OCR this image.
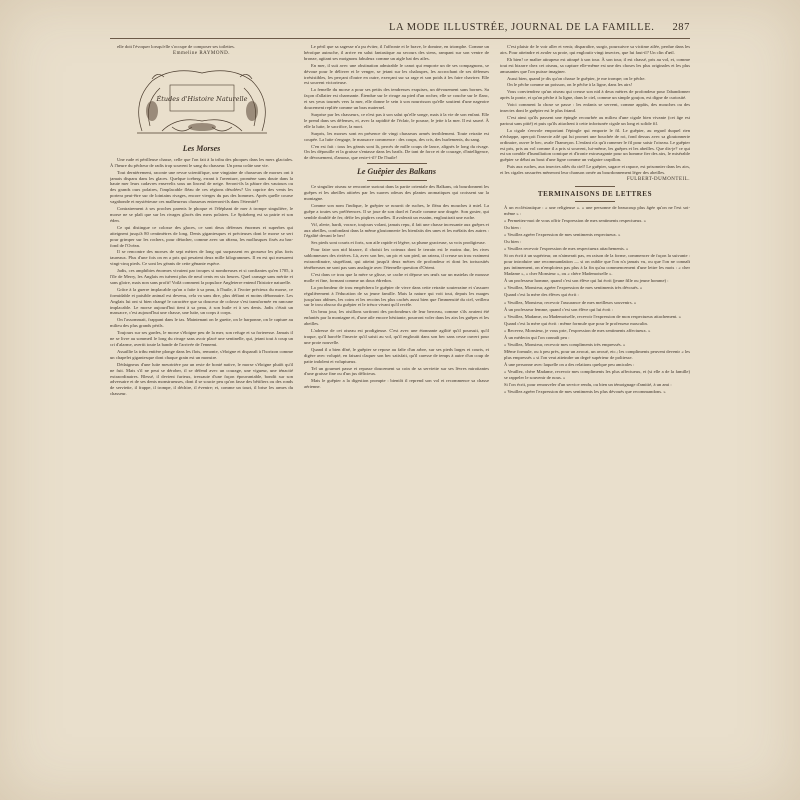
LA MODE ILLUSTRÉE, JOURNAL DE LA FAMILLE. 287

elle doit l'évoquer lorsqu'elle s'occupe de composer ses toilettes.

Emmeline RAYMOND.
Études d'Histoire Naturelle
Les Morses

Une rude et périlleuse chasse, celle que l'on fait à la tribu des phoques dans les mers glaciales. À l'heure du pêcheur de radis trop souvent le sang du chasseur. Un peau coûte une vie.

Tout dernièrement, raconte une revue scientifique, une vingtaine de chasseurs de morses ont à jamais disparu dans les glaces. Quelque iceberg, errant à l'aventure, promène sans doute dans la haute mer leurs cadavres ensevelis sous un linceul de neige. Seront-ils la pâture des vautours ou des grands ours polaires, l'implacable fléau de ces régions désolées? Un caprice des vents les portera peut-être sur de lointains rivages, encore vierges du pas des hommes. Après quelle course vagabonde et mystérieuse ces malheureux chasseurs entreront-ils dans l'éternité?

Contrairement à ses proches parents le phoque et l'éléphant de mer à trompe singulière, le morse ne se plaît que sur les rivages glacés des mers polaires. Le Spitzberg est sa patrie et son éden.

Ce qui distingue ce colosse des glaces, ce sont deux défenses énormes et superbes qui atteignent jusqu'à 80 centimètres de long. Dents gigantesques et précieuses dont le morse se sert pour grimper sur les rochers, pour détacher, comme avec un râteau, les mollusques fixés au bas-fond de l'Océan.

Il se rencontre des morses de sept mètres de long qui surpassent en grosseur les plus forts taureaux. Plus d'une fois on en a pris qui pesaient deux mille kilogrammes. Il en est qui mesurent vingt-cinq pieds. Ce sont les géants de cette gênante espèce.

Jadis, ces amphibies énormes vivaient par troupes si nombreuses et si confiantes qu'en 1705, à l'île de Merry, les Anglais en tuèrent plus de neuf cents en six heures. Quel carnage sans mérite et sans gloire, mais non sans profit! Voilà comment la populace Angleterre entend l'histoire naturelle.

Grâce à la guerre implacable qu'on a faite à sa peau, à l'huile, à l'ivoire précieux du morse, ce formidable et paisible animal est devenu, cela va sans dire, plus défiant et moins débonnaire. Les Anglais lui ont si bien changé le caractère que sa douceur de colosse s'est transformée en rancune implacable. Le morse aujourd'hui tient à sa peau, à son huile et à ses dents. Jadis c'était un massacre, c'est aujourd'hui une chasse, une lutte, un corps à corps.

On l'assommait, frappant dans le tas. Maintenant on le guette, on le harponne, on le capture au milieu des plus grands périls.

Toujours sur ses gardes, le morse s'éloigne peu de la mer, son refuge et sa forteresse. Jamais il ne se livre au sommeil le long du rivage sans avoir placé une sentinelle, qui, jetant tout à coup un cri d'alarme, avertit toute la bande de l'arrivée de l'ennemi.

Assaillie la tribu entière plonge dans les flots, remonte, s'éloigne et disparaît à l'horizon comme un chapelet gigantesque dont chaque grain est un monstre.

Dédaigneux d'une lutte meurtrière par un reste de bonté native, le morse s'éloigne plutôt qu'il ne fuit. Mais s'il ne peut se dérober, il se défend avec un courage, une vigueur, une ténacité extraordinaires. Blessé, il devient furieux, tressaute d'une façon épouvantable, bondit sur son adversaire et de ses dents monstrueuses, dont il se soucie peu qu'on fasse des bêtifiers ou des ronds de serviette, il frappe, il trompe, il déchire, il éventre; et, comme un tourt, il brise les armes du chasseur.

Le péril que sa sagesse n'a pu éviter, il l'affronte et le brave, le domine, en triomphe. Comme un héroïque autruche, il arrive en salut fantastique au secours des siens, rampant sur son ventre de bronze, agitant ses moignons fabuleux comme un aigle bat des ailes.

En mer, il suit avec une obstination admirable le canot qui emporte un de ses compagnons, se dévoue pour le délivrer et le venger, se jetant sur les chaloupes, les accrochant de ses défenses irrésistibles, les perçant d'outre en outre, exerçant sur sa rage et son poids à les faire chavirer. Elle est souvent victorieuse.

La femelle du morse a pour ses petits des tendresses exquises, un dévouement sans bornes. Sa façon d'allaiter est charmante. Étendue sur le rivage au pied d'un rocher, elle se couche sur le flanc, et ses yeux tournés vers la mer, elle donne le sein à son nourrisson qu'elle soutient d'une nageoire doucement repliée comme un bras maternel.

Surprise par les chasseurs, ce n'est pas à son salut qu'elle songe, mais à la vie de son enfant. Elle le prend dans ses défenses, et, avec la rapidité de l'éclair, le pousse, le jette à la mer. Il est sauvé. À elle la lutte, le sacrifice, la mort.

Surpris, les morses sont en présence de vingt chasseurs armés terriblement. Toute retraite est coupée. La lutte s'engage, le massacre commence : des coups, des cris, des hurlements, du sang.

C'en est fait : tous les géants sont là, percés de mille coups de lance, alignés le long du rivage. On les dépouille et la graisse s'entasse dans les barils. De tant de force et de courage, d'intelligence, de dévouement, d'amour, que reste-t-il? De l'huile!

Le Guêpier des Balkans

Ce singulier oiseau se rencontre surtout dans la partie orientale des Balkans, où bourdonnent les guêpes et les abeilles attirées par les suaves odeurs des plantes aromatiques qui croissent sur la montagne.

Comme son nom l'indique, le guêpier se nourrit de ruches, le fléau des mouches à miel. La guêpe a toutes ses préférences. Il se joue de son dard et l'avale comme une dragée. Son gosier, qui semble doublé de fer, défie les piqûres cruelles. Il avalerait un essaim, engloutirait une ruche.

Vif, alerte, hardi, vorace, toujours volant, jamais repu, il fait une chasse incessante aux guêpes et aux abeilles, confondant dans la même gloutonnerie les bienfaits des unes et les méfaits des autres : l'égalité devant le bec!

Ses pieds sont courts et forts, son aile rapide et légère, sa plume gracieuse, sa voix prodigieuse.

Pour faire son nid bizarre, il choisit les coteaux dont le terrain est le moins dur, les rives sablonneuses des rivières. Là, avec son bec, un pic et son pied, un rateau, il creuse un trou vraiment extraordinaire, stupéfiant, qui atteint jusqu'à deux mètres de profondeur et dont les tortuosités ténébreuses ne sont pas sans analogie avec l'éternelle question d'Orient.

C'est dans ce trou que la mère se glisse, se cache et dépose ses œufs sur un matelas de mousse molle et fine, formant comme un doux édredon.

La profondeur de trou empêchera le guêpier de vivre dans cette retraite souterraine et s'assurer régulièrement à l'éducation de sa jeune famille. Mais la nature qui voit tout, depuis les nuages jusqu'aux abîmes, les coins et les recoins les plus cachés aussi bien que l'immensité du ciel, veillera sur le trou obscur du guêpier et le trésor vivant qu'il recèle.

Un beau jour, les oisillons sortiront des profondeurs de leur berceau, comme s'ils avaient été enfantés par la montagne et, d'une aile encore hésitante, pourront voler dans les airs les guêpes et les abeilles.

L'adresse de cet oiseau est prodigieuse. C'est avec une étonnante agilité qu'il poursuit, qu'il traque, qu'il harcèle l'insecte qu'il saisit au vol, qu'il engloutit dans son bec sans cesse ouvert pour une proie nouvelle.

Quand il a bien dîné, le guêpier se repose au faîte d'un arbre, sur ses pieds larges et courts, et digère avec volupté, en faisant claquer son bec satisfait, qu'il caresse de temps à autre d'un coup de patte indolent et voluptueux.

Tel un gourmet passe et repasse doucement sa coin de sa serviette sur ses lèvres miroitantes d'une graisse fine ou d'un jus délicieux.

Mais le guêpier a la digestion prompte : bientôt il reprend son vol et recommence sa chasse aérienne.

C'est plaisir de le voir aller et venir, disparaître, surgir, poursuivre sa victime ailée, perdue dans les airs. Pour atteindre et avaler sa proie, qui engloutir vingt insectes, que lui faut-il? Un clin d'œil.

Eh bien! ce maître attrapeur est attrapé à son tour. À son tour, il est chassé, pris au vol, et, comme tout est bizarre chez cet oiseau, sa capture elle-même est une des choses les plus originales et les plus amusantes que l'on puisse imaginer.

Aussi bien, quand je dis qu'on chasse le guêpier, je me trompe; on le pêche.

On le pêche comme un poisson, on le pêche à la ligne, dans les airs!

Vous conviendrez qu'un oiseau qui creuse son nid à deux mètres de profondeur pour l'abandonner après la ponte, et qu'on pêche à la ligne, dans le ciel, comme un simple goujon, est digne de curiosité.

Voici comment la chose se passe : les enfants se servent, comme appâts, des mouches ou des insectes dont le guêpier est le plus friand.

C'est ainsi qu'ils passent une épingle recourbée au milieu d'une cigale bien vivante (cet âge est partout sans pitié) et puis qu'ils attachent à cette infortunée cigale un long et solide fil.

La cigale s'envole emportant l'épingle qui emporte le fil. Le guêpier, au regard duquel rien n'échappe, aperçoit l'insecte ailé qui lui promet une bouchée de roi, fond dessus avec sa gloutonnerie ordinaire, ouvre le bec, avale l'hameçon. L'enfant n'a qu'à ramener le fil pour saisir l'oiseau. Le guêpier est pris, pris au vol comme il a pris si souvent, lui-même, les guêpes et les abeilles. Que dis-je? ce qui est un comble d'humiliation comique et d'ironie extravagante pour un homme fier des airs, le misérable guêpier se débat au bout d'une ligne comme un vulgaire carpillon.

Puis aux ruches, aux insectes ailés du ciel! Le guêpier, sagace et rapace, est prisonnier dans les airs, et les cigales rassurées mèneront leur chanson ornée au bourdonnement léger des abeilles.

FULBERT-DUMONTEIL.
TERMINAISONS DE LETTRES

À un ecclésiastique : « une religieuse ». « une personne de beaucoup plus âgée qu'on ne l'est soi-même » :

« Permettez-moi de vous offrir l'expression de mes sentiments respectueux. »

Ou bien :

« Veuillez agréer l'expression de mes sentiments respectueux. »

Ou bien :

« Veuillez recevoir l'expression de mes respectueux attachements. »

Si on écrit à un supérieur, on n'aimerait pas, en raison de la forme, commencer de façon la suivante : pour introduire une recommandation — si on oublie que l'on n'a jamais vu, ou que l'on ne connaît pas intimement, on n'emploiera pas plus à la fin qu'au commencement d'une lettre les mots : « cher Madame », « cher Monsieur », ou « chère Mademoiselle ».

À un professeur homme, quand c'est son élève qui lui écrit (jeune fille ou jeune homme) :

« Veuillez, Monsieur, agréer l'expression de mes sentiments très dévoués. »

Quand c'est la mère des élèves qui écrit :

« Veuillez, Monsieur, recevoir l'assurance de mes meilleurs souvenirs. »

À un professeur femme, quand c'est son élève qui lui écrit :

« Veuillez, Madame, ou Mademoiselle, recevoir l'expression de mon respectueux attachement. »

Quand c'est la mère qui écrit : même formule que pour le professeur masculin.

« Recevez, Monsieur, je vous prie, l'expression de mes sentiments affectueux. »

À un médecin qui l'on connaît peu :

« Veuillez, Monsieur, recevoir mes compliments très empressés. »

Même formule, ou à peu près, pour un avocat, un avoué, etc.; les compliments peuvent devenir « les plus empressés » si l'on veut atteindre un degré supérieur de politesse.

À une personne avec laquelle on a des relations quelque peu amicales :

« Veuillez, chère Madame, recevoir mes compliments les plus affectueux, et (si elle a de la famille) se rappeler le souvenir de nous. »

Si l'on écrit, pour renouveler d'un service rendu, ou bien un témoignage d'amitié, à un ami :

« Veuillez agréer l'expression de mes sentiments les plus dévoués que recommandons. »
